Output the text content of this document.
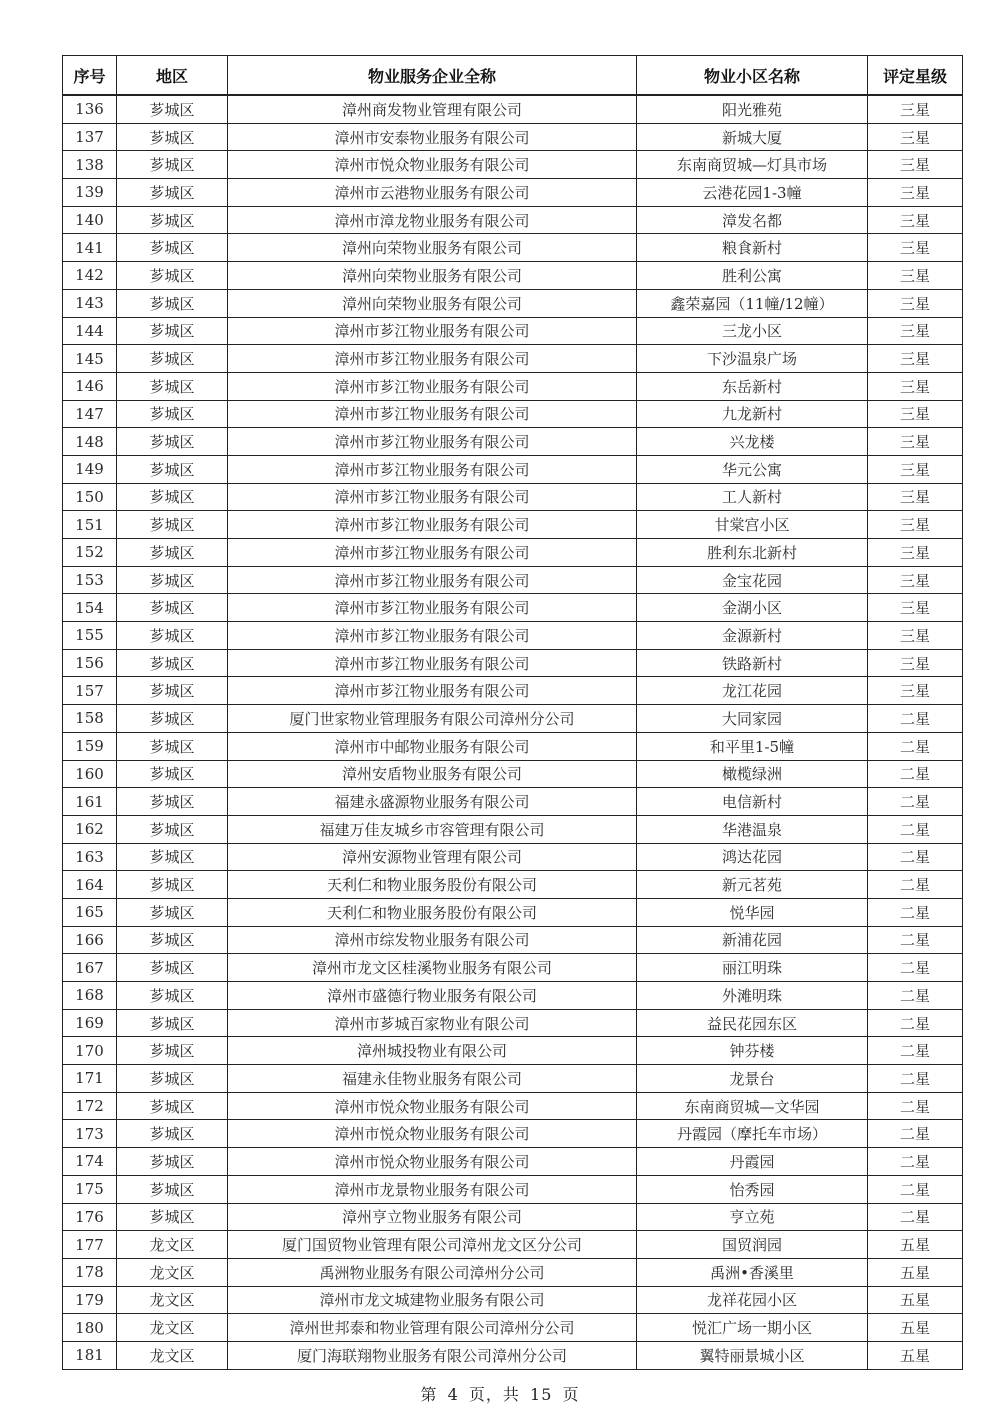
序号	地区	物业服务企业全称	物业小区名称	评定星级
136	芗城区	漳州商发物业管理有限公司	阳光雅苑	三星
137	芗城区	漳州市安泰物业服务有限公司	新城大厦	三星
138	芗城区	漳州市悦众物业服务有限公司	东南商贸城—灯具市场	三星
139	芗城区	漳州市云港物业服务有限公司	云港花园1-3幢	三星
140	芗城区	漳州市漳龙物业服务有限公司	漳发名都	三星
141	芗城区	漳州向荣物业服务有限公司	粮食新村	三星
142	芗城区	漳州向荣物业服务有限公司	胜利公寓	三星
143	芗城区	漳州向荣物业服务有限公司	鑫荣嘉园（11幢/12幢）	三星
144	芗城区	漳州市芗江物业服务有限公司	三龙小区	三星
145	芗城区	漳州市芗江物业服务有限公司	下沙温泉广场	三星
146	芗城区	漳州市芗江物业服务有限公司	东岳新村	三星
147	芗城区	漳州市芗江物业服务有限公司	九龙新村	三星
148	芗城区	漳州市芗江物业服务有限公司	兴龙楼	三星
149	芗城区	漳州市芗江物业服务有限公司	华元公寓	三星
150	芗城区	漳州市芗江物业服务有限公司	工人新村	三星
151	芗城区	漳州市芗江物业服务有限公司	甘棠宫小区	三星
152	芗城区	漳州市芗江物业服务有限公司	胜利东北新村	三星
153	芗城区	漳州市芗江物业服务有限公司	金宝花园	三星
154	芗城区	漳州市芗江物业服务有限公司	金湖小区	三星
155	芗城区	漳州市芗江物业服务有限公司	金源新村	三星
156	芗城区	漳州市芗江物业服务有限公司	铁路新村	三星
157	芗城区	漳州市芗江物业服务有限公司	龙江花园	三星
158	芗城区	厦门世家物业管理服务有限公司漳州分公司	大同家园	二星
159	芗城区	漳州市中邮物业服务有限公司	和平里1-5幢	二星
160	芗城区	漳州安盾物业服务有限公司	橄榄绿洲	二星
161	芗城区	福建永盛源物业服务有限公司	电信新村	二星
162	芗城区	福建万佳友城乡市容管理有限公司	华港温泉	二星
163	芗城区	漳州安源物业管理有限公司	鸿达花园	二星
164	芗城区	天利仁和物业服务股份有限公司	新元茗苑	二星
165	芗城区	天利仁和物业服务股份有限公司	悦华园	二星
166	芗城区	漳州市综发物业服务有限公司	新浦花园	二星
167	芗城区	漳州市龙文区桂溪物业服务有限公司	丽江明珠	二星
168	芗城区	漳州市盛德行物业服务有限公司	外滩明珠	二星
169	芗城区	漳州市芗城百家物业有限公司	益民花园东区	二星
170	芗城区	漳州城投物业有限公司	钟芬楼	二星
171	芗城区	福建永佳物业服务有限公司	龙景台	二星
172	芗城区	漳州市悦众物业服务有限公司	东南商贸城—文华园	二星
173	芗城区	漳州市悦众物业服务有限公司	丹霞园（摩托车市场）	二星
174	芗城区	漳州市悦众物业服务有限公司	丹霞园	二星
175	芗城区	漳州市龙景物业服务有限公司	怡秀园	二星
176	芗城区	漳州亨立物业服务有限公司	亨立苑	二星
177	龙文区	厦门国贸物业管理有限公司漳州龙文区分公司	国贸润园	五星
178	龙文区	禹洲物业服务有限公司漳州分公司	禹洲•香溪里	五星
179	龙文区	漳州市龙文城建物业服务有限公司	龙祥花园小区	五星
180	龙文区	漳州世邦泰和物业管理有限公司漳州分公司	悦汇广场一期小区	五星
181	龙文区	厦门海联翔物业服务有限公司漳州分公司	翼特丽景城小区	五星
第 4 页，共 15 页
